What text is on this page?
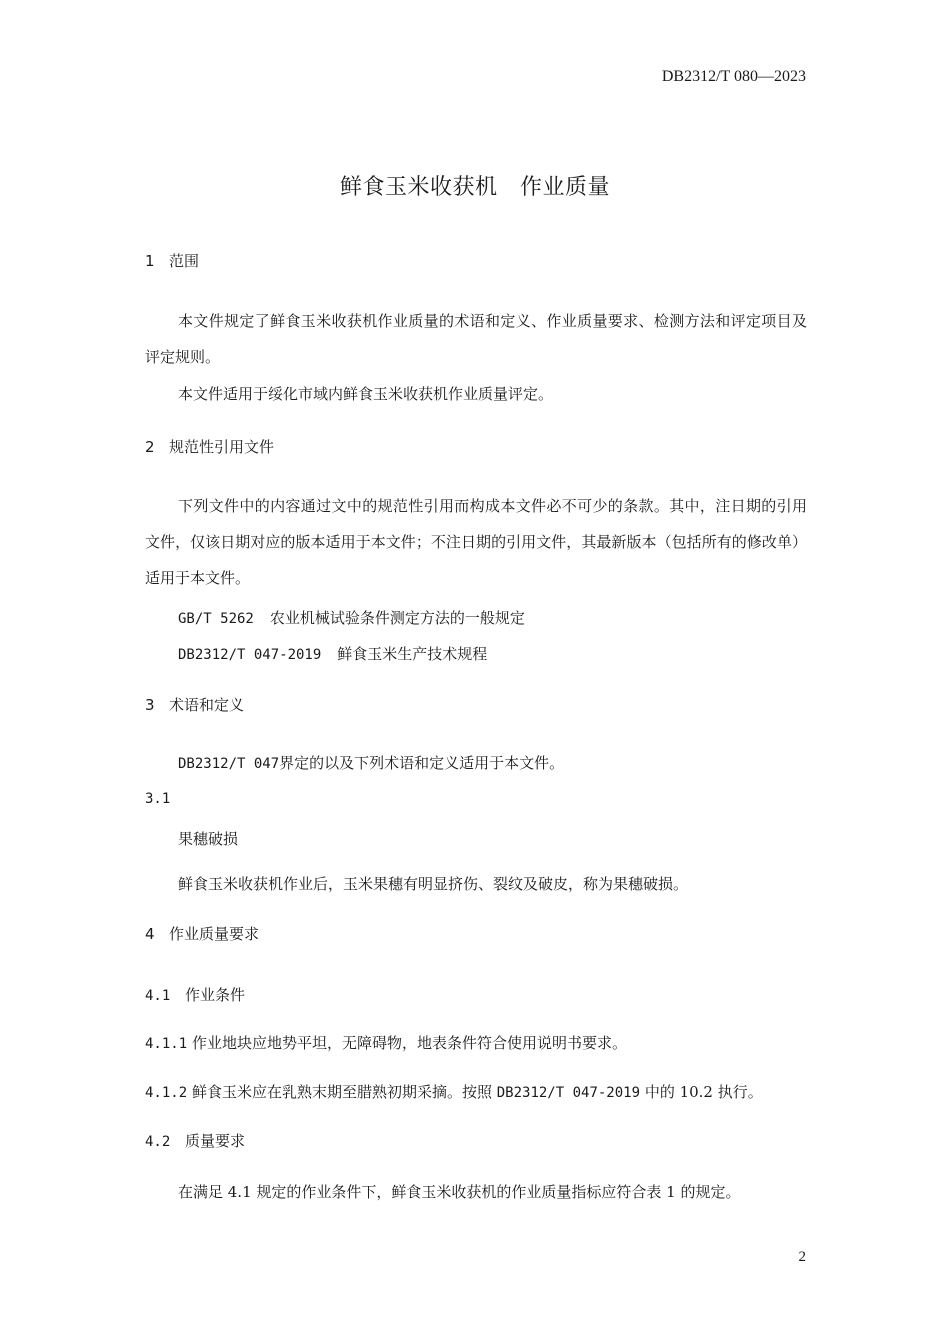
DB2312/T 080—2023
鲜食玉米收获机　作业质量
1 范围
本文件规定了鲜食玉米收获机作业质量的术语和定义、作业质量要求、检测方法和评定项目及评定规则。
本文件适用于绥化市域内鲜食玉米收获机作业质量评定。
2 规范性引用文件
下列文件中的内容通过文中的规范性引用而构成本文件必不可少的条款。其中，注日期的引用文件，仅该日期对应的版本适用于本文件；不注日期的引用文件，其最新版本（包括所有的修改单）适用于本文件。
GB/T 5262 农业机械试验条件测定方法的一般规定
DB2312/T 047-2019 鲜食玉米生产技术规程
3 术语和定义
DB2312/T 047界定的以及下列术语和定义适用于本文件。
3.1
果穗破损
鲜食玉米收获机作业后，玉米果穗有明显挤伤、裂纹及破皮，称为果穗破损。
4 作业质量要求
4.1 作业条件
4.1.1 作业地块应地势平坦，无障碍物，地表条件符合使用说明书要求。
4.1.2 鲜食玉米应在乳熟末期至腊熟初期采摘。按照 DB2312/T 047-2019 中的 10.2 执行。
4.2 质量要求
在满足 4.1 规定的作业条件下，鲜食玉米收获机的作业质量指标应符合表 1 的规定。
2
